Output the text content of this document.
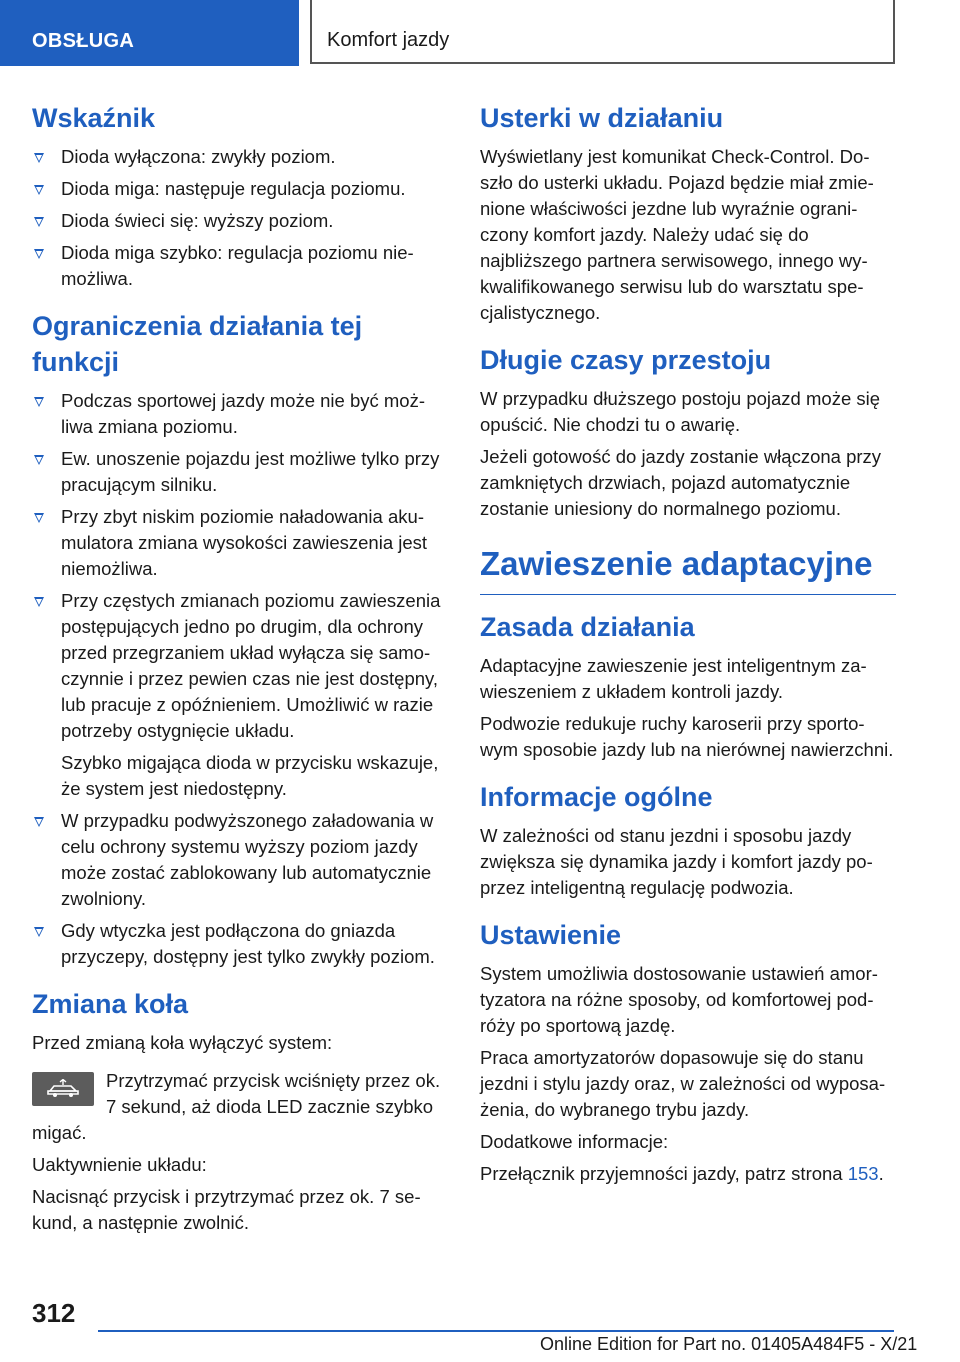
OBSŁUGA	Komfort jazdy
Wskaźnik
Dioda wyłączona: zwykły poziom.
Dioda miga: następuje regulacja poziomu.
Dioda świeci się: wyższy poziom.
Dioda miga szybko: regulacja poziomu niemożliwa.
Ograniczenia działania tej funkcji
Podczas sportowej jazdy może nie być możliwa zmiana poziomu.
Ew. unoszenie pojazdu jest możliwe tylko przy pracującym silniku.
Przy zbyt niskim poziomie naładowania akumulatora zmiana wysokości zawieszenia jest niemożliwa.
Przy częstych zmianach poziomu zawieszenia postępujących jedno po drugim, dla ochrony przed przegrzaniem układ wyłącza się samoczynnie i przez pewien czas nie jest dostępny, lub pracuje z opóźnieniem. Umożliwić w razie potrzeby ostygnięcie układu.
Szybko migająca dioda w przycisku wskazuje, że system jest niedostępny.
W przypadku podwyższonego załadowania w celu ochrony systemu wyższy poziom jazdy może zostać zablokowany lub automatycznie zwolniony.
Gdy wtyczka jest podłączona do gniazda przyczepy, dostępny jest tylko zwykły poziom.
Zmiana koła

Przed zmianą koła wyłączyć system:

Przytrzymać przycisk wciśnięty przez ok. 7 sekund, aż dioda LED zacznie szybko migać.

Uaktywnienie układu:

Nacisnąć przycisk i przytrzymać przez ok. 7 sekund, a następnie zwolnić.

Usterki w działaniu

Wyświetlany jest komunikat Check-Control. Doszło do usterki układu. Pojazd będzie miał zmienione właściwości jezdne lub wyraźnie ograniczony komfort jazdy. Należy udać się do najbliższego partnera serwisowego, innego wykwalifikowanego serwisu lub do warsztatu specjalistycznego.

Długie czasy przestoju

W przypadku dłuższego postoju pojazd może się opuścić. Nie chodzi tu o awarię.

Jeżeli gotowość do jazdy zostanie włączona przy zamkniętych drzwiach, pojazd automatycznie zostanie uniesiony do normalnego poziomu.

Zawieszenie adaptacyjne
Zasada działania

Adaptacyjne zawieszenie jest inteligentnym zawieszeniem z układem kontroli jazdy.

Podwozie redukuje ruchy karoserii przy sportowym sposobie jazdy lub na nierównej nawierzchni.

Informacje ogólne

W zależności od stanu jezdni i sposobu jazdy zwiększa się dynamika jazdy i komfort jazdy poprzez inteligentną regulację podwozia.

Ustawienie

System umożliwia dostosowanie ustawień amortyzatora na różne sposoby, od komfortowej podróży po sportową jazdę.

Praca amortyzatorów dopasowuje się do stanu jezdni i stylu jazdy oraz, w zależności od wyposażenia, do wybranego trybu jazdy.

Dodatkowe informacje:

Przełącznik przyjemności jazdy, patrz strona 153.

312
Online Edition for Part no. 01405A484F5 - X/21
